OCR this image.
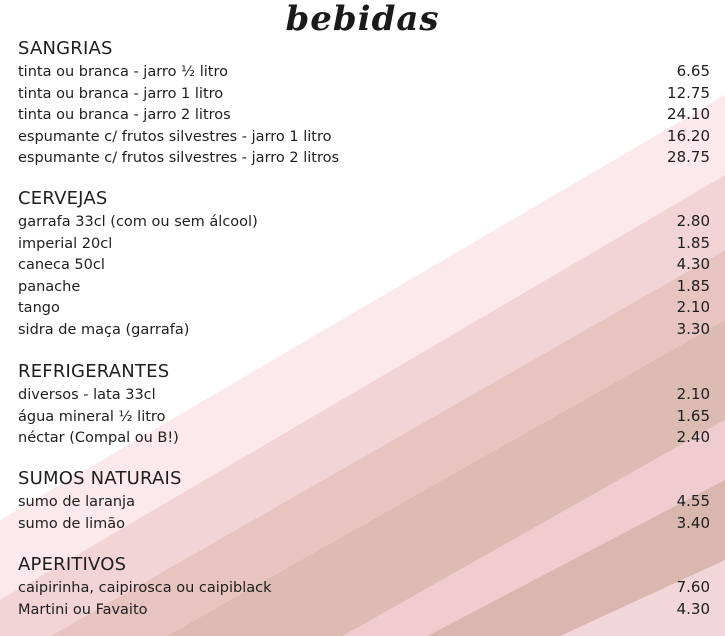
bebidas
SANGRIAS
tinta ou branca - jarro ½ litro	6.65
tinta ou branca - jarro 1 litro	12.75
tinta ou branca - jarro 2 litros	24.10
espumante c/ frutos silvestres - jarro 1 litro	16.20
espumante c/ frutos silvestres - jarro 2 litros	28.75
CERVEJAS
garrafa 33cl (com ou sem álcool)	2.80
imperial 20cl	1.85
caneca 50cl	4.30
panache	1.85
tango	2.10
sidra de maça (garrafa)	3.30
REFRIGERANTES
diversos - lata 33cl	2.10
água mineral ½ litro	1.65
néctar (Compal ou B!)	2.40
SUMOS NATURAIS
sumo de laranja	4.55
sumo de limão	3.40
APERITIVOS
caipirinha, caipirosca ou caipiblack	7.60
Martini ou Favaito	4.30
